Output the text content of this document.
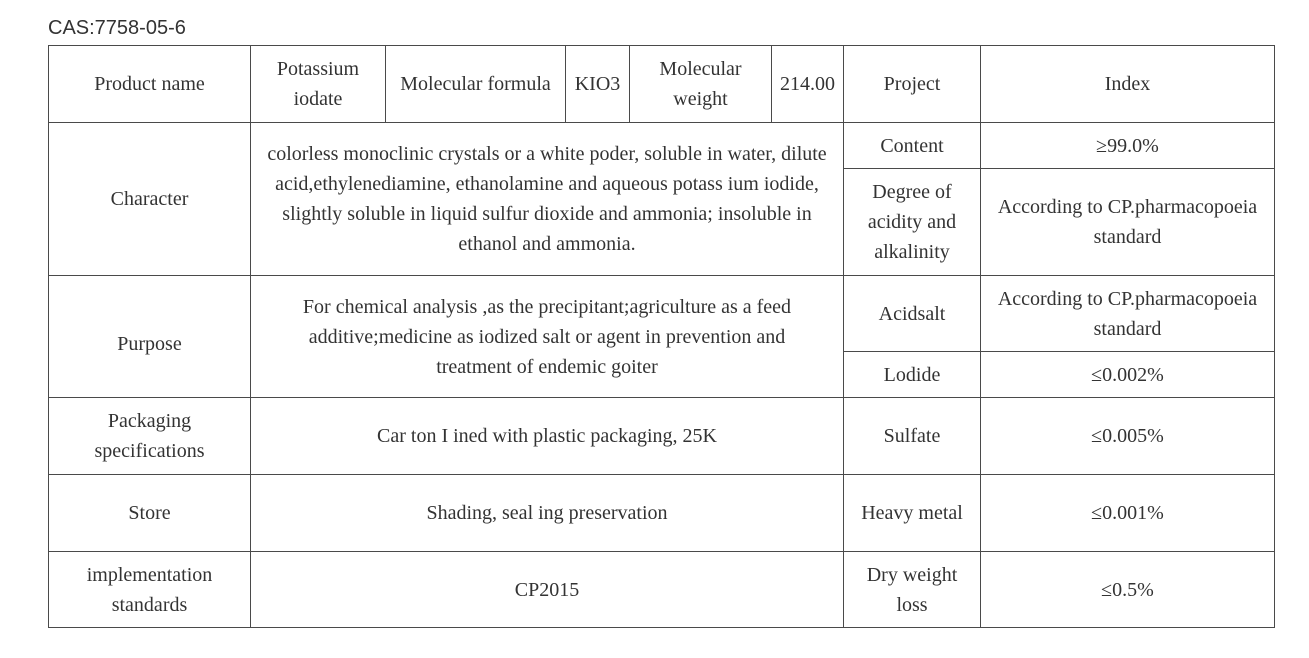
CAS:7758-05-6
Product name	Potassium iodate	Molecular formula	KIO3	Molecular weight	214.00	Project	Index
Character	colorless monoclinic crystals or a white poder, soluble in water, dilute acid,ethylenediamine, ethanolamine and aqueous potass ium iodide, slightly soluble in liquid sulfur dioxide and ammonia; insoluble in ethanol and ammonia.					Content	≥99.0%
						Degree of acidity and alkalinity	According to CP.pharmacopoeia standard
Purpose	For chemical analysis ,as the precipitant;agriculture as a feed additive;medicine as iodized salt or agent in prevention and treatment of endemic goiter					Acidsalt	According to CP.pharmacopoeia standard
						Lodide	≤0.002%
Packaging specifications	Car ton I ined with plastic packaging, 25K					Sulfate	≤0.005%
Store	Shading, seal ing preservation					Heavy metal	≤0.001%
implementation standards	CP2015					Dry weight loss	≤0.5%
